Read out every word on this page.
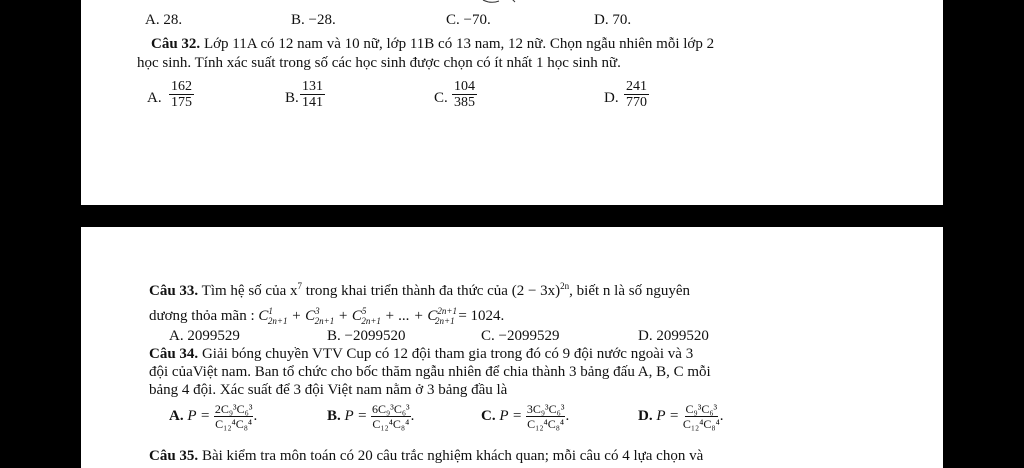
A. 28.	B. −28.	C. −70.	D. 70.
Câu 32. Lớp 11A có 12 nam và 10 nữ, lớp 11B có 13 nam, 12 nữ. Chọn ngẫu nhiên mỗi lớp 2
học sinh. Tính xác suất trong số các học sinh được chọn có ít nhất 1 học sinh nữ.
A. $\frac{162}{175}$	B. $\frac{131}{141}$	C. $\frac{104}{385}$	D. $\frac{241}{770}$
Câu 33. Tìm hệ số của $x^7$ trong khai triển thành đa thức của $(2 - 3x)^{2n}$, biết n là số nguyên
dương thỏa mãn : $C^1_{2n+1} + C^3_{2n+1} + C^5_{2n+1}$ + ... + $C^{2n+1}_{2n+1} = 1024$.
A. 2099529	B. −2099520	C. −2099529	D. 2099520
Câu 34. Giải bóng chuyền VTV Cup có 12 đội tham gia trong đó có 9 đội nước ngoài và 3
đội củaViệt nam. Ban tổ chức cho bốc thăm ngẫu nhiên để chia thành 3 bảng đấu A, B, C mỗi
bảng 4 đội. Xác suất để 3 đội Việt nam nằm ở 3 bảng đầu là
A. $P = \frac{\text{2C₉³C₆³}}{\text{C₁₂⁴C₈⁴}}$ .	B. $P = \frac{\text{6C₉³C₆³}}{\text{C₁₂⁴C₈⁴}}$ .	C. $P = \frac{\text{3C₉³C₆³}}{\text{C₁₂⁴C₈⁴}}$ .	D. $P = \frac{\text{C₉³C₆³}}{\text{C₁₂⁴C₈⁴}}$ .
Câu 35. Bài kiểm tra môn toán có 20 câu trắc nghiệm khách quan; mỗi câu có 4 lựa chọn và
